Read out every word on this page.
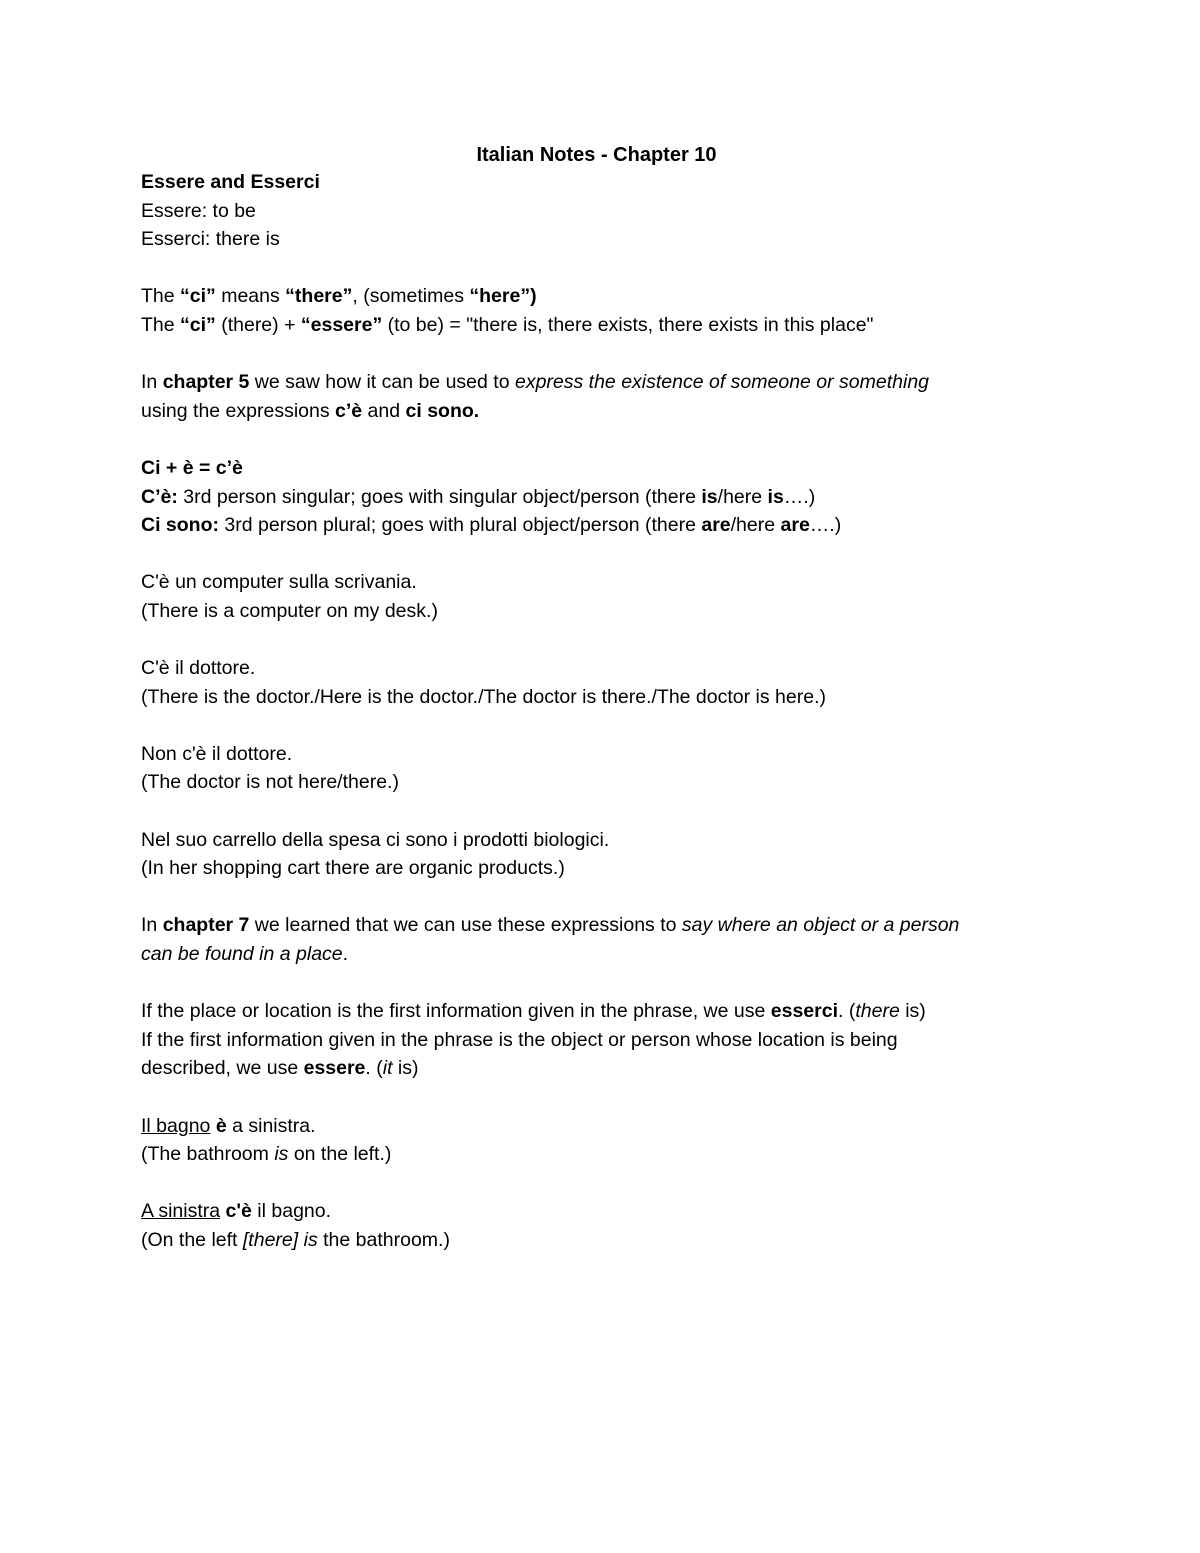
Italian Notes - Chapter 10
Essere and Esserci
Essere: to be
Esserci: there is
The “ci” means “there”, (sometimes “here”)
The “ci” (there) + “essere” (to be) = "there is, there exists, there exists in this place"
In chapter 5 we saw how it can be used to express the existence of someone or something
using the expressions c’è and ci sono.
Ci + è = c’è
C’è: 3rd person singular; goes with singular object/person (there is/here is….)
Ci sono: 3rd person plural; goes with plural object/person (there are/here are….)
C'è un computer sulla scrivania.
(There is a computer on my desk.)
C'è il dottore.
(There is the doctor./Here is the doctor./The doctor is there./The doctor is here.)
Non c'è il dottore.
(The doctor is not here/there.)
Nel suo carrello della spesa ci sono i prodotti biologici.
(In her shopping cart there are organic products.)
In chapter 7 we learned that we can use these expressions to say where an object or a person
can be found in a place.
If the place or location is the first information given in the phrase, we use esserci. (there is)
If the first information given in the phrase is the object or person whose location is being
described, we use essere. (it is)
Il bagno è a sinistra.
(The bathroom is on the left.)
A sinistra c'è il bagno.
(On the left [there] is the bathroom.)
